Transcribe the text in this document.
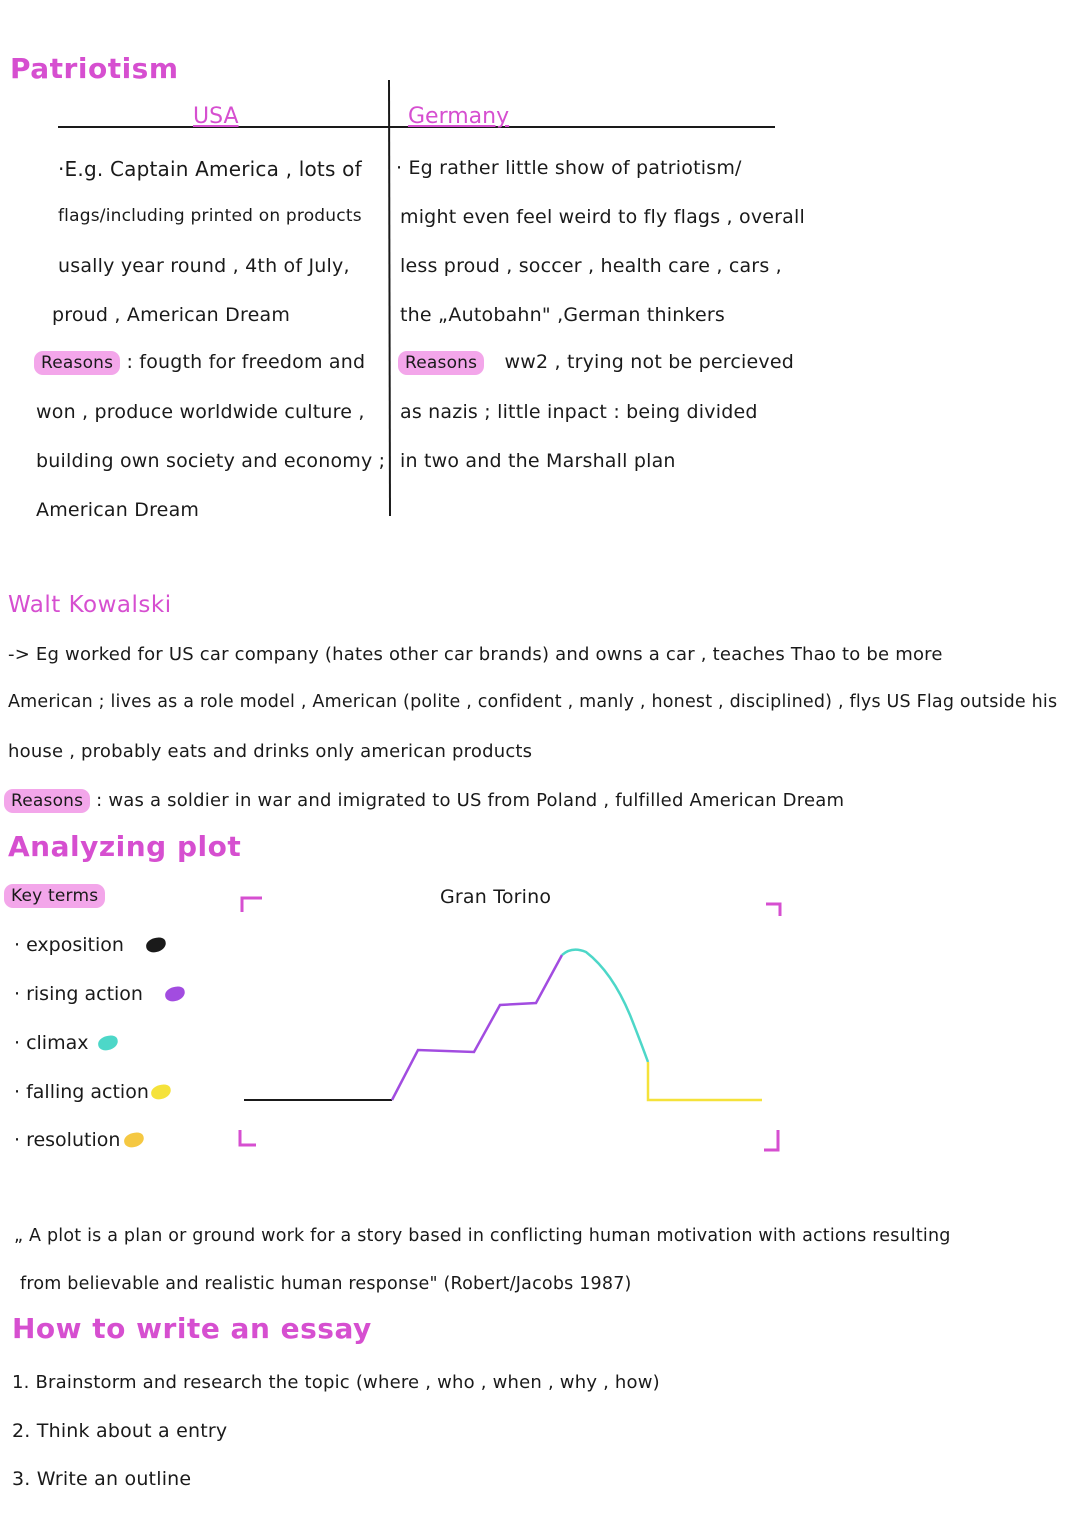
Patriotism
USA	Germany
·E.g. Captain America , lots of
flags/including printed on products
usally year round , 4th of July,
proud , American Dream
Reasons : fougth for freedom and
won , produce worldwide culture ,
building own society and economy ;
American Dream
· Eg rather little show of patriotism/
might even feel weird to fly flags , overall
less proud , soccer , health care , cars ,
the „Autobahn" ,German thinkers
Reasons ww2 , trying not be percieved
as nazis ; little inpact : being divided
in two and the Marshall plan
Walt Kowalski
-> Eg worked for US car company (hates other car brands) and owns a car , teaches Thao to be more
American ; lives as a role model , American (polite , confident , manly , honest , disciplined) , flys US Flag outside his
house , probably eats and drinks only american products
Reasons : was a soldier in war and imigrated to US from Poland , fulfilled American Dream
Analyzing plot
Key terms
· exposition
· rising action
· climax
· falling action
· resolution
Gran Torino
„ A plot is a plan or ground work for a story based in conflicting human motivation with actions resulting
from believable and realistic human response" (Robert/Jacobs 1987)
How to write an essay
1. Brainstorm and research the topic (where , who , when , why , how)
2. Think about a entry
3. Write an outline
